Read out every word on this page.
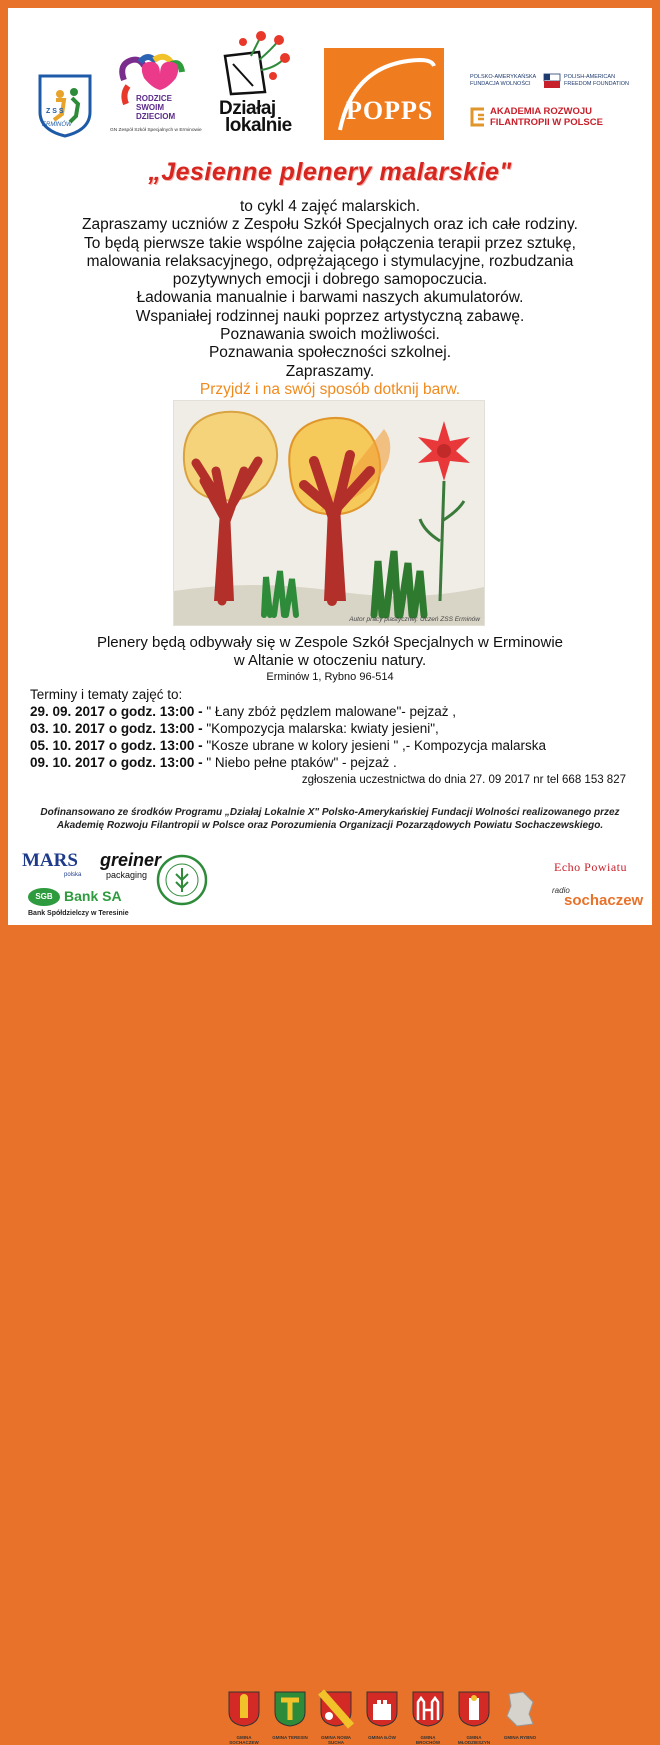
Z S S
ERMINÓW
RODZICE
SWOIM
DZIECIOM
GN Zespół Szkół Specjalnych w Erminowie
Działaj
lokalnie
POPPS
POLSKO-AMERYKAŃSKA
FUNDACJA WOLNOŚCI
POLISH-AMERICAN
FREEDOM FOUNDATION
AKADEMIA ROZWOJU
FILANTROPII W POLSCE
„Jesienne plenery malarskie"
to cykl 4 zajęć malarskich.
Zapraszamy uczniów z Zespołu Szkół Specjalnych oraz ich całe rodziny.
To będą pierwsze takie wspólne zajęcia połączenia terapii przez sztukę,
malowania relaksacyjnego, odprężającego i stymulacyjne, rozbudzania
pozytywnych emocji i dobrego samopoczucia.
Ładowania manualnie i barwami naszych akumulatorów.
Wspaniałej rodzinnej nauki poprzez artystyczną zabawę.
Poznawania swoich możliwości.
Poznawania społeczności szkolnej.
Zapraszamy.
Przyjdź i na swój sposób dotknij barw.
Autor pracy plastycznej: Uczeń ZSS Erminów
Plenery będą odbywały się w Zespole Szkół Specjalnych w Erminowie
w Altanie w otoczeniu natury.
Erminów 1, Rybno 96-514
Terminy i tematy zajęć to:
29. 09. 2017 o godz. 13:00 - " Łany zbóż pędzlem malowane"- pejzaż ,
03. 10. 2017 o godz. 13:00 - "Kompozycja malarska: kwiaty jesieni",
05. 10. 2017 o godz. 13:00 - "Kosze ubrane w kolory jesieni " ,- Kompozycja malarska
09. 10. 2017 o godz. 13:00 - " Niebo pełne ptaków" - pejzaż .
zgłoszenia uczestnictwa do dnia 27. 09 2017 nr tel 668 153 827
Dofinansowano ze środków Programu „Działaj Lokalnie X" Polsko-Amerykańskiej Fundacji Wolności realizowanego przez
Akademię Rozwoju Filantropii w Polsce oraz Porozumienia Organizacji Pozarządowych Powiatu Sochaczewskiego.
MARS
polska
greiner
packaging
SGB Bank SA
Bank Spółdzielczy w Teresinie
GMINA SOCHACZEW
GMINA TERESIN	GMINA NOWA SUCHA
GMINA IŁÓW	GMINA BROCHÓW
GMINA MŁODZIESZYN
GMINA RYBNO
Echo Powiatu
radio
sochaczew
